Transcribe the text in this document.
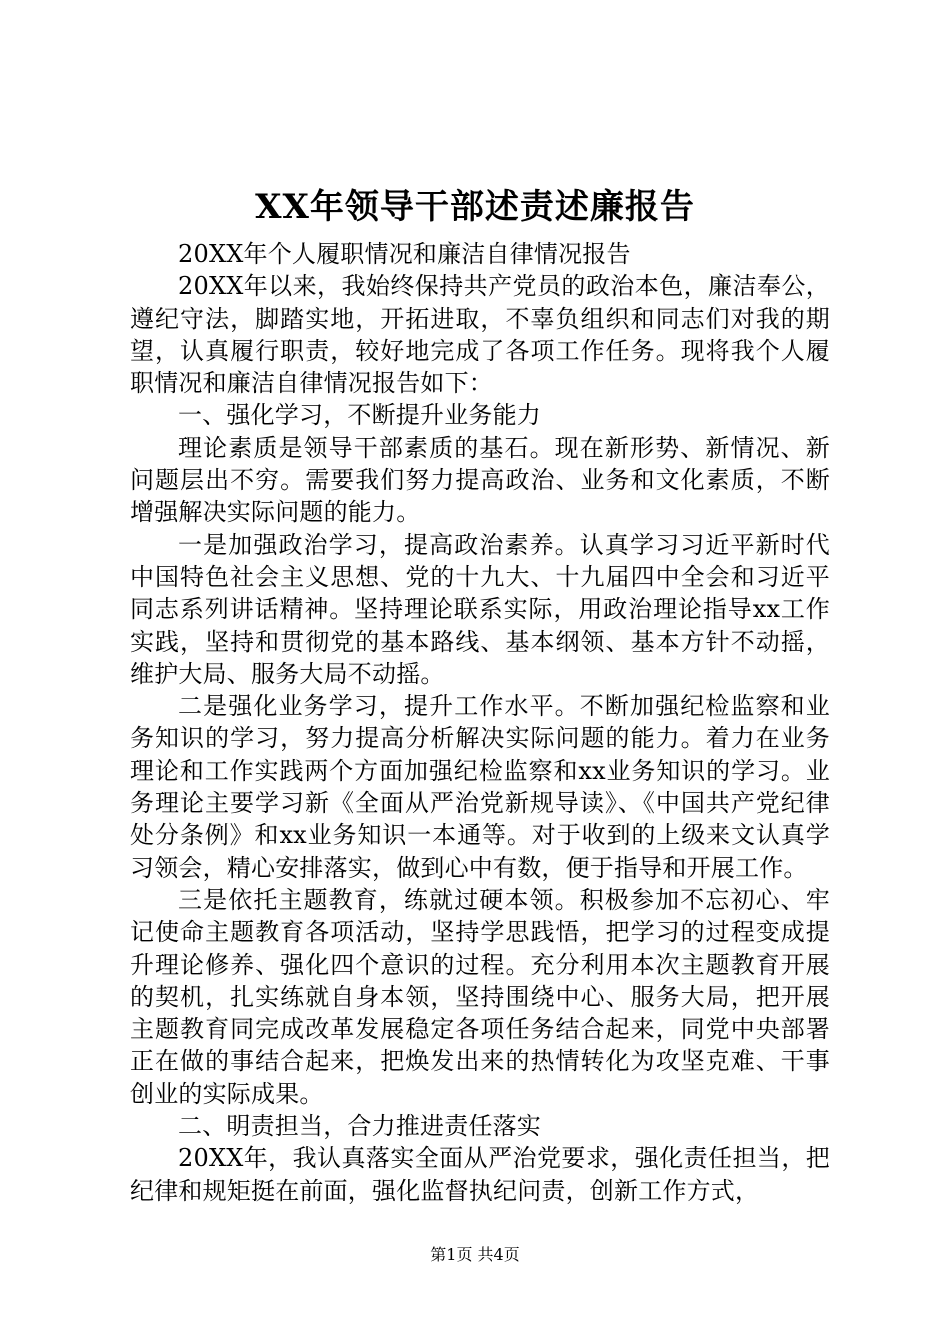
XX年领导干部述责述廉报告

20XX年个人履职情况和廉洁自律情况报告

20XX年以来，我始终保持共产党员的政治本色，廉洁奉公，遵纪守法，脚踏实地，开拓进取，不辜负组织和同志们对我的期望，认真履行职责，较好地完成了各项工作任务。现将我个人履职情况和廉洁自律情况报告如下：

一、强化学习，不断提升业务能力

理论素质是领导干部素质的基石。现在新形势、新情况、新问题层出不穷。需要我们努力提高政治、业务和文化素质，不断增强解决实际问题的能力。

一是加强政治学习，提高政治素养。认真学习习近平新时代中国特色社会主义思想、党的十九大、十九届四中全会和习近平同志系列讲话精神。坚持理论联系实际，用政治理论指导xx工作实践，坚持和贯彻党的基本路线、基本纲领、基本方针不动摇，维护大局、服务大局不动摇。

二是强化业务学习，提升工作水平。不断加强纪检监察和业务知识的学习，努力提高分析解决实际问题的能力。着力在业务理论和工作实践两个方面加强纪检监察和xx业务知识的学习。业务理论主要学习新《全面从严治党新规导读》、《中国共产党纪律处分条例》和xx业务知识一本通等。对于收到的上级来文认真学习领会，精心安排落实，做到心中有数，便于指导和开展工作。

三是依托主题教育，练就过硬本领。积极参加不忘初心、牢记使命主题教育各项活动，坚持学思践悟，把学习的过程变成提升理论修养、强化四个意识的过程。充分利用本次主题教育开展的契机，扎实练就自身本领，坚持围绕中心、服务大局，把开展主题教育同完成改革发展稳定各项任务结合起来，同党中央部署正在做的事结合起来，把焕发出来的热情转化为攻坚克难、干事创业的实际成果。

二、明责担当，合力推进责任落实

20XX年，我认真落实全面从严治党要求，强化责任担当，把纪律和规矩挺在前面，强化监督执纪问责，创新工作方式，

第1页 共4页
